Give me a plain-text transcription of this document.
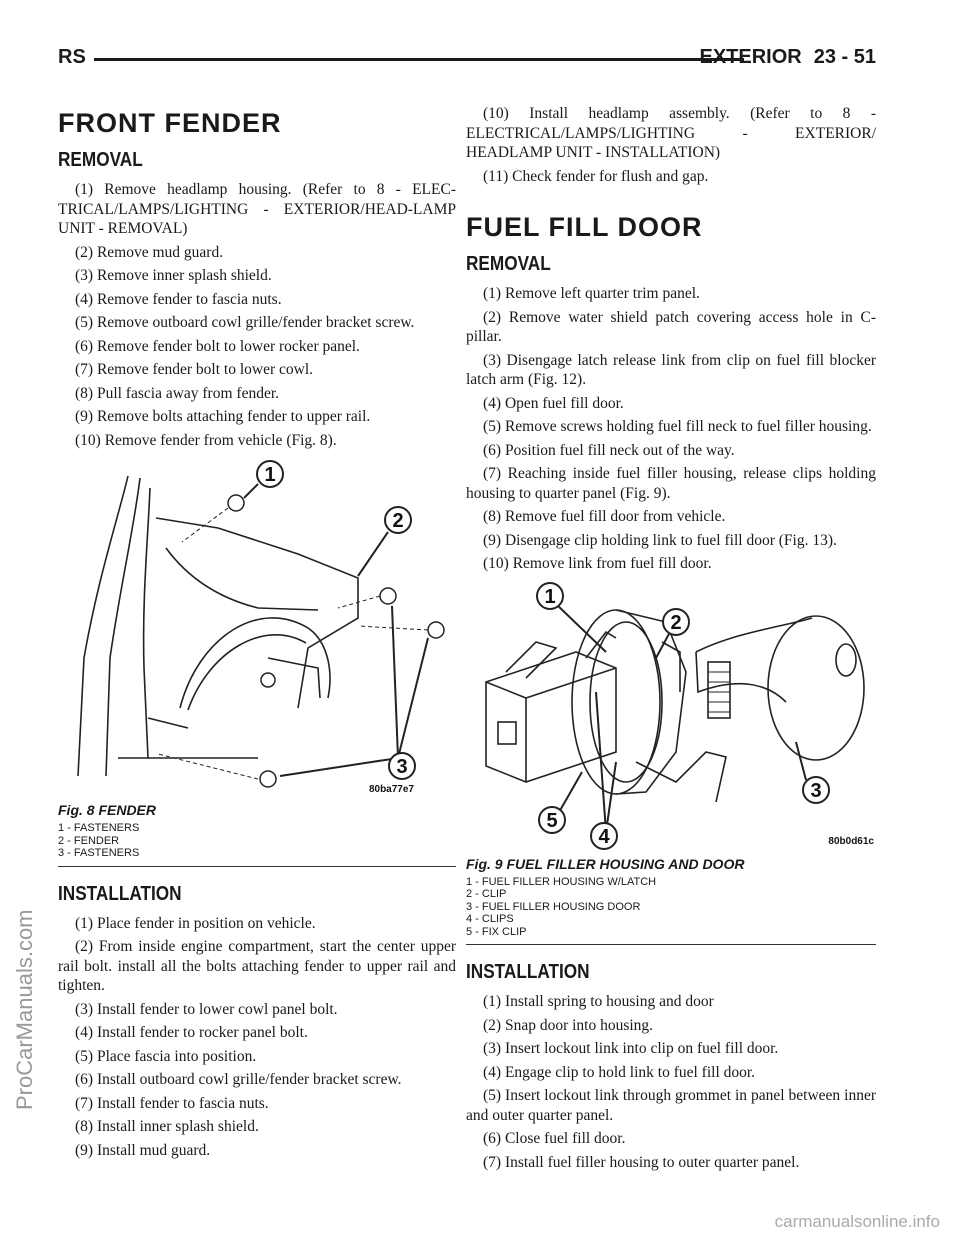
RS	EXTERIOR 23 - 51
FRONT FENDER
REMOVAL

(1) Remove headlamp housing. (Refer to 8 - ELEC-TRICAL/LAMPS/LIGHTING - EXTERIOR/HEAD-LAMP UNIT - REMOVAL)

(2) Remove mud guard.

(3) Remove inner splash shield.

(4) Remove fender to fascia nuts.

(5) Remove outboard cowl grille/fender bracket screw.

(6) Remove fender bolt to lower rocker panel.

(7) Remove fender bolt to lower cowl.

(8) Pull fascia away from fender.

(9) Remove bolts attaching fender to upper rail.

(10) Remove fender from vehicle (Fig. 8).

1
2
3
80ba77e7
Fig. 8 FENDER
1 - FASTENERS
2 - FENDER
3 - FASTENERS
INSTALLATION

(1) Place fender in position on vehicle.

(2) From inside engine compartment, start the center upper rail bolt. install all the bolts attaching fender to upper rail and tighten.

(3) Install fender to lower cowl panel bolt.

(4) Install fender to rocker panel bolt.

(5) Place fascia into position.

(6) Install outboard cowl grille/fender bracket screw.

(7) Install fender to fascia nuts.

(8) Install inner splash shield.

(9) Install mud guard.

(10) Install headlamp assembly. (Refer to 8 - ELECTRICAL/LAMPS/LIGHTING - EXTERIOR/ HEADLAMP UNIT - INSTALLATION)

(11) Check fender for flush and gap.

FUEL FILL DOOR
REMOVAL

(1) Remove left quarter trim panel.

(2) Remove water shield patch covering access hole in C-pillar.

(3) Disengage latch release link from clip on fuel fill blocker latch arm (Fig. 12).

(4) Open fuel fill door.

(5) Remove screws holding fuel fill neck to fuel filler housing.

(6) Position fuel fill neck out of the way.

(7) Reaching inside fuel filler housing, release clips holding housing to quarter panel (Fig. 9).

(8) Remove fuel fill door from vehicle.

(9) Disengage clip holding link to fuel fill door (Fig. 13).

(10) Remove link from fuel fill door.

1
2
3
4
5
80b0d61c
Fig. 9 FUEL FILLER HOUSING AND DOOR
1 - FUEL FILLER HOUSING W/LATCH
2 - CLIP
3 - FUEL FILLER HOUSING DOOR
4 - CLIPS
5 - FIX CLIP
INSTALLATION

(1) Install spring to housing and door

(2) Snap door into housing.

(3) Insert lockout link into clip on fuel fill door.

(4) Engage clip to hold link to fuel fill door.

(5) Insert lockout link through grommet in panel between inner and outer quarter panel.

(6) Close fuel fill door.

(7) Install fuel filler housing to outer quarter panel.

ProCarManuals.com
carmanualsonline.info
